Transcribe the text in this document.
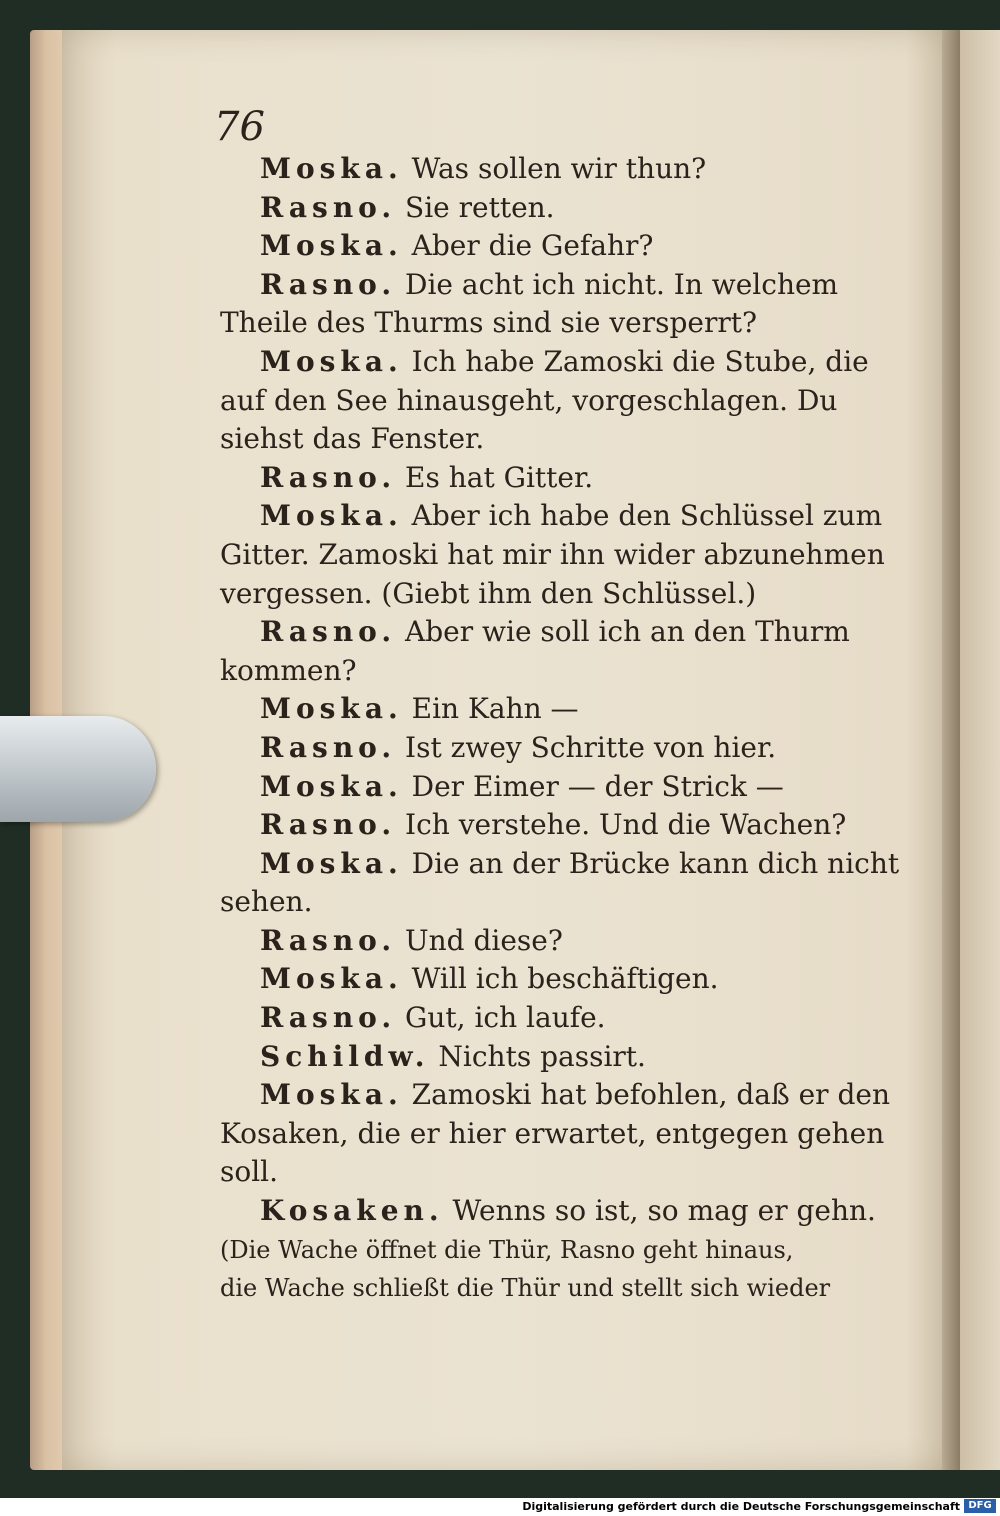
76
Moska. Was sollen wir thun?
Rasno. Sie retten.
Moska. Aber die Gefahr?
Rasno. Die acht ich nicht. In welchem
Theile des Thurms sind sie versperrt?
Moska. Ich habe Zamoski die Stube, die
auf den See hinausgeht, vorgeschlagen. Du
siehst das Fenster.
Rasno. Es hat Gitter.
Moska. Aber ich habe den Schlüssel zum
Gitter. Zamoski hat mir ihn wider abzunehmen
vergessen. (Giebt ihm den Schlüssel.)
Rasno. Aber wie soll ich an den Thurm
kommen?
Moska. Ein Kahn —
Rasno. Ist zwey Schritte von hier.
Moska. Der Eimer — der Strick —
Rasno. Ich verstehe. Und die Wachen?
Moska. Die an der Brücke kann dich nicht
sehen.
Rasno. Und diese?
Moska. Will ich beschäftigen.
Rasno. Gut, ich laufe.
Schildw. Nichts passirt.
Moska. Zamoski hat befohlen, daß er den
Kosaken, die er hier erwartet, entgegen gehen
soll.
Kosaken. Wenns so ist, so mag er gehn.
(Die Wache öffnet die Thür, Rasno geht hinaus,
die Wache schließt die Thür und stellt sich wieder
Digitalisierung gefördert durch die Deutsche Forschungsgemeinschaft DFG
